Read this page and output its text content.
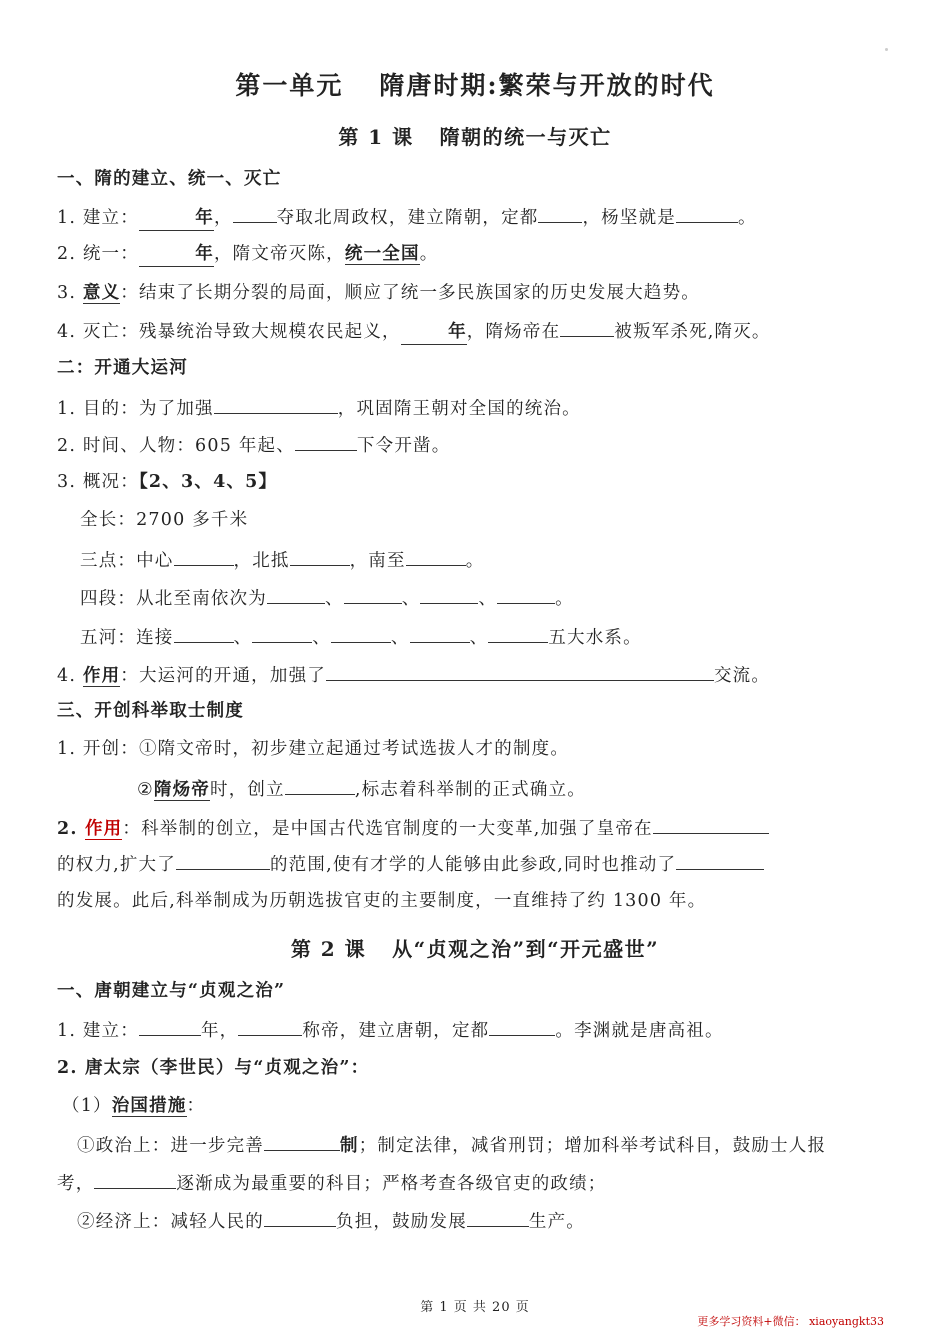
第一单元 隋唐时期:繁荣与开放的时代
第 1 课 隋朝的统一与灭亡
一、隋的建立、统一、灭亡
1. 建立：	年，	夺取北周政权，建立隋朝，定都	，杨坚就是	。
2. 统一：	年，隋文帝灭陈，统一全国。
3. 意义：结束了长期分裂的局面，顺应了统一多民族国家的历史发展大趋势。
4. 灭亡：残暴统治导致大规模农民起义，	年，隋炀帝在	被叛军杀死,隋灭。
二：开通大运河
1. 目的：为了加强	，巩固隋王朝对全国的统治。
2. 时间、人物：605 年起、	下令开凿。
3. 概况：【2、3、4、5】
全长：2700 多千米
三点：中心	，北抵	，南至	。
四段：从北至南依次为	、	、	、	。
五河：连接	、	、	、	、	五大水系。
4. 作用：大运河的开通，加强了	交流。
三、开创科举取士制度
1. 开创：①隋文帝时，初步建立起通过考试选拔人才的制度。
②隋炀帝时，创立	,标志着科举制的正式确立。
2. 作用：科举制的创立，是中国古代选官制度的一大变革,加强了皇帝在
的权力,扩大了	的范围,使有才学的人能够由此参政,同时也推动了
的发展。此后,科举制成为历朝选拔官吏的主要制度，一直维持了约 1300 年。
第 2 课 从“贞观之治”到“开元盛世”
一、唐朝建立与“贞观之治”
1. 建立：	年，	称帝，建立唐朝，定都	。李渊就是唐高祖。
2. 唐太宗（李世民）与“贞观之治”：
（1）治国措施：
①政治上：进一步完善	制；制定法律，减省刑罚；增加科举考试科目，鼓励士人报
考，	逐渐成为最重要的科目；严格考查各级官吏的政绩；
②经济上：减轻人民的	负担，鼓励发展	生产。
第 1 页 共 20 页
更多学习资料+微信： xiaoyangkt33
